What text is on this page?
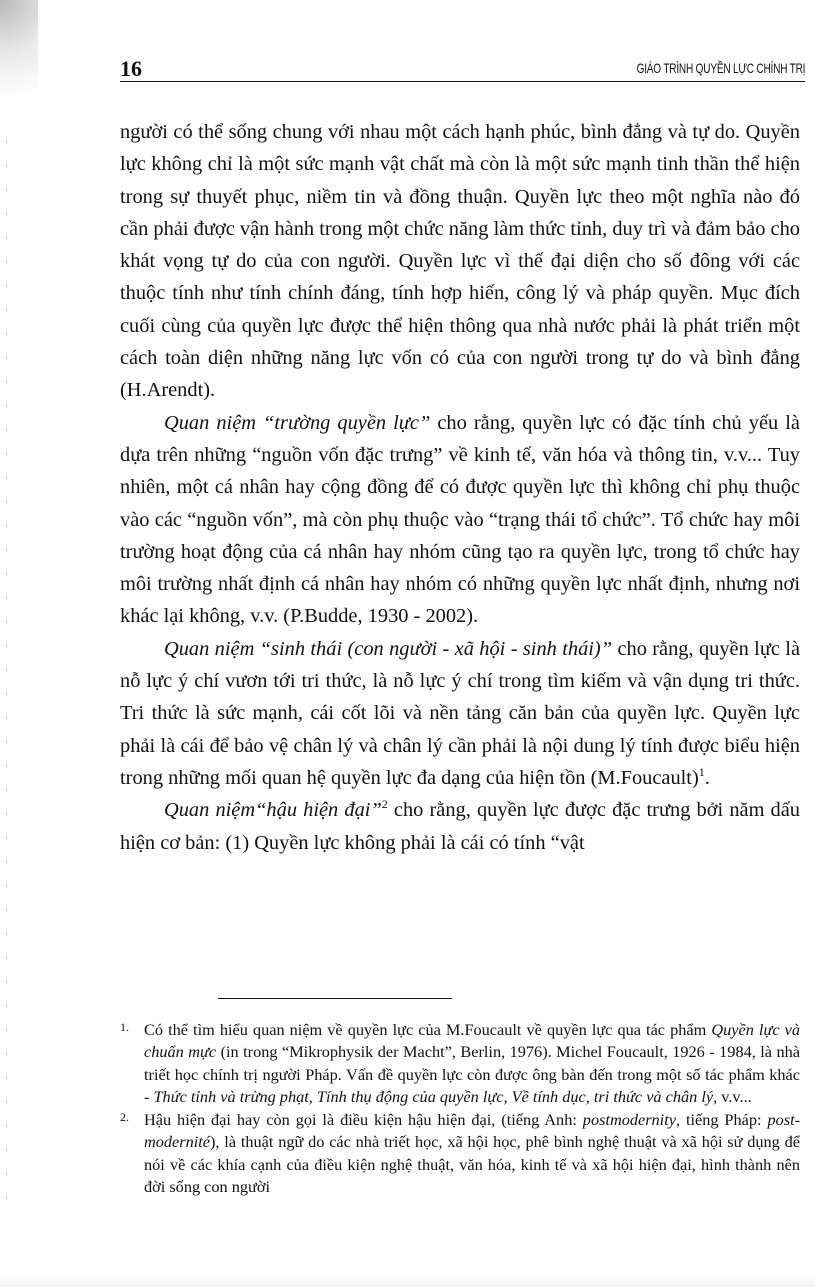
16	GIÁO TRÌNH QUYỀN LỰC CHÍNH TRỊ

người có thể sống chung với nhau một cách hạnh phúc, bình đẳng và tự do. Quyền lực không chỉ là một sức mạnh vật chất mà còn là một sức mạnh tinh thần thể hiện trong sự thuyết phục, niềm tin và đồng thuận. Quyền lực theo một nghĩa nào đó cần phải được vận hành trong một chức năng làm thức tỉnh, duy trì và đảm bảo cho khát vọng tự do của con người. Quyền lực vì thế đại diện cho số đông với các thuộc tính như tính chính đáng, tính hợp hiến, công lý và pháp quyền. Mục đích cuối cùng của quyền lực được thể hiện thông qua nhà nước phải là phát triển một cách toàn diện những năng lực vốn có của con người trong tự do và bình đẳng (H.Arendt).

Quan niệm “trường quyền lực” cho rằng, quyền lực có đặc tính chủ yếu là dựa trên những “nguồn vốn đặc trưng” về kinh tế, văn hóa và thông tin, v.v... Tuy nhiên, một cá nhân hay cộng đồng để có được quyền lực thì không chỉ phụ thuộc vào các “nguồn vốn”, mà còn phụ thuộc vào “trạng thái tổ chức”. Tổ chức hay môi trường hoạt động của cá nhân hay nhóm cũng tạo ra quyền lực, trong tổ chức hay môi trường nhất định cá nhân hay nhóm có những quyền lực nhất định, nhưng nơi khác lại không, v.v. (P.Budde, 1930 - 2002).

Quan niệm “sinh thái (con người - xã hội - sinh thái)” cho rằng, quyền lực là nỗ lực ý chí vươn tới tri thức, là nỗ lực ý chí trong tìm kiếm và vận dụng tri thức. Tri thức là sức mạnh, cái cốt lõi và nền tảng căn bản của quyền lực. Quyền lực phải là cái để bảo vệ chân lý và chân lý cần phải là nội dung lý tính được biểu hiện trong những mối quan hệ quyền lực đa dạng của hiện tồn (M.Foucault)$^1$.

Quan niệm“hậu hiện đại”$^2$ cho rằng, quyền lực được đặc trưng bởi năm dấu hiện cơ bản: (1) Quyền lực không phải là cái có tính “vật

1. Có thể tìm hiểu quan niệm về quyền lực của M.Foucault về quyền lực qua tác phẩm Quyền lực và chuẩn mực (in trong “Mikrophysik der Macht”, Berlin, 1976). Michel Foucault, 1926 - 1984, là nhà triết học chính trị người Pháp. Vấn đề quyền lực còn được ông bàn đến trong một số tác phẩm khác - Thức tỉnh và trừng phạt, Tính thụ động của quyền lực, Về tính dục, tri thức và chân lý, v.v...
2. Hậu hiện đại hay còn gọi là điều kiện hậu hiện đại, (tiếng Anh: postmodernity, tiếng Pháp: post-modernité), là thuật ngữ do các nhà triết học, xã hội học, phê bình nghệ thuật và xã hội sử dụng để nói về các khía cạnh của điều kiện nghệ thuật, văn hóa, kinh tế và xã hội hiện đại, hình thành nên đời sống con người
